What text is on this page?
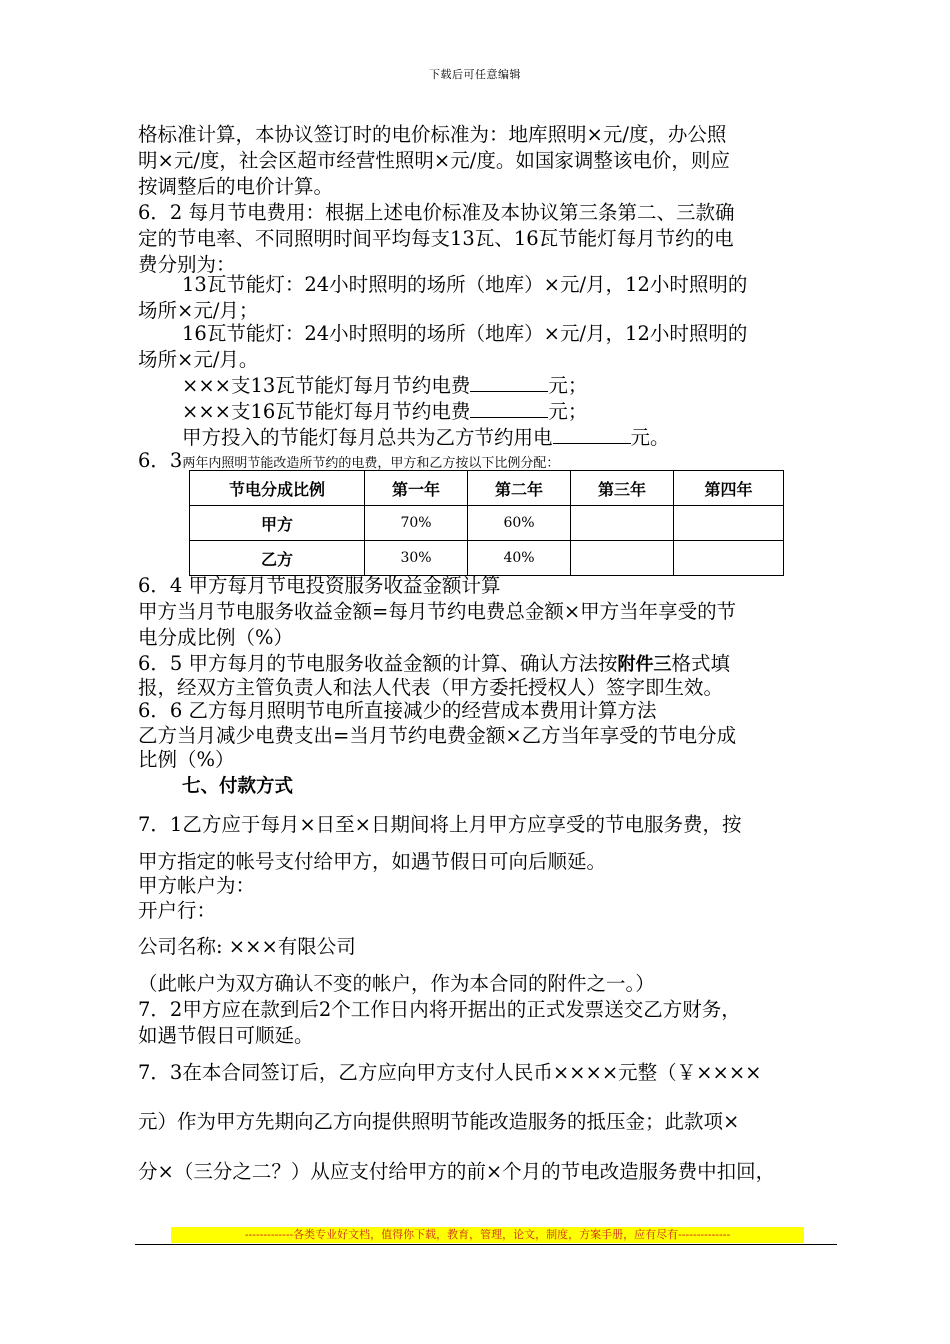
下载后可任意编辑
格标准计算，本协议签订时的电价标准为：地库照明×元/度，办公照
明×元/度，社会区超市经营性照明×元/度。如国家调整该电价，则应
按调整后的电价计算。
6．2 每月节电费用：根据上述电价标准及本协议第三条第二、三款确
定的节电率、不同照明时间平均每支13瓦、16瓦节能灯每月节约的电
费分别为：
13瓦节能灯：24小时照明的场所（地库）×元/月，12小时照明的
场所×元/月；
16瓦节能灯：24小时照明的场所（地库）×元/月，12小时照明的
场所×元/月。
×××支13瓦节能灯每月节约电费	元；
×××支16瓦节能灯每月节约电费	元；
甲方投入的节能灯每月总共为乙方节约用电	元。
6．3两年内照明节能改造所节约的电费，甲方和乙方按以下比例分配：
节电分成比例	第一年	第二年	第三年	第四年
甲方	70%	60%		
乙方	30%	40%		
6．4 甲方每月节电投资服务收益金额计算
甲方当月节电服务收益金额=每月节约电费总金额×甲方当年享受的节
电分成比例（%）
6．5 甲方每月的节电服务收益金额的计算、确认方法按附件三格式填
报，经双方主管负责人和法人代表（甲方委托授权人）签字即生效。
6．6 乙方每月照明节电所直接减少的经营成本费用计算方法
乙方当月减少电费支出=当月节约电费金额×乙方当年享受的节电分成
比例（%）
七、付款方式
7．1乙方应于每月×日至×日期间将上月甲方应享受的节电服务费，按
甲方指定的帐号支付给甲方，如遇节假日可向后顺延。
甲方帐户为：
开户行：
公司名称: ×××有限公司
（此帐户为双方确认不变的帐户，作为本合同的附件之一。）
7．2甲方应在款到后2个工作日内将开据出的正式发票送交乙方财务，
如遇节假日可顺延。
7．3在本合同签订后，乙方应向甲方支付人民币××××元整（￥××××
元）作为甲方先期向乙方向提供照明节能改造服务的抵压金；此款项×
分×（三分之二？）从应支付给甲方的前×个月的节电改造服务费中扣回，
-------------各类专业好文档，值得你下载，教育，管理，论文，制度，方案手册，应有尽有--------------
